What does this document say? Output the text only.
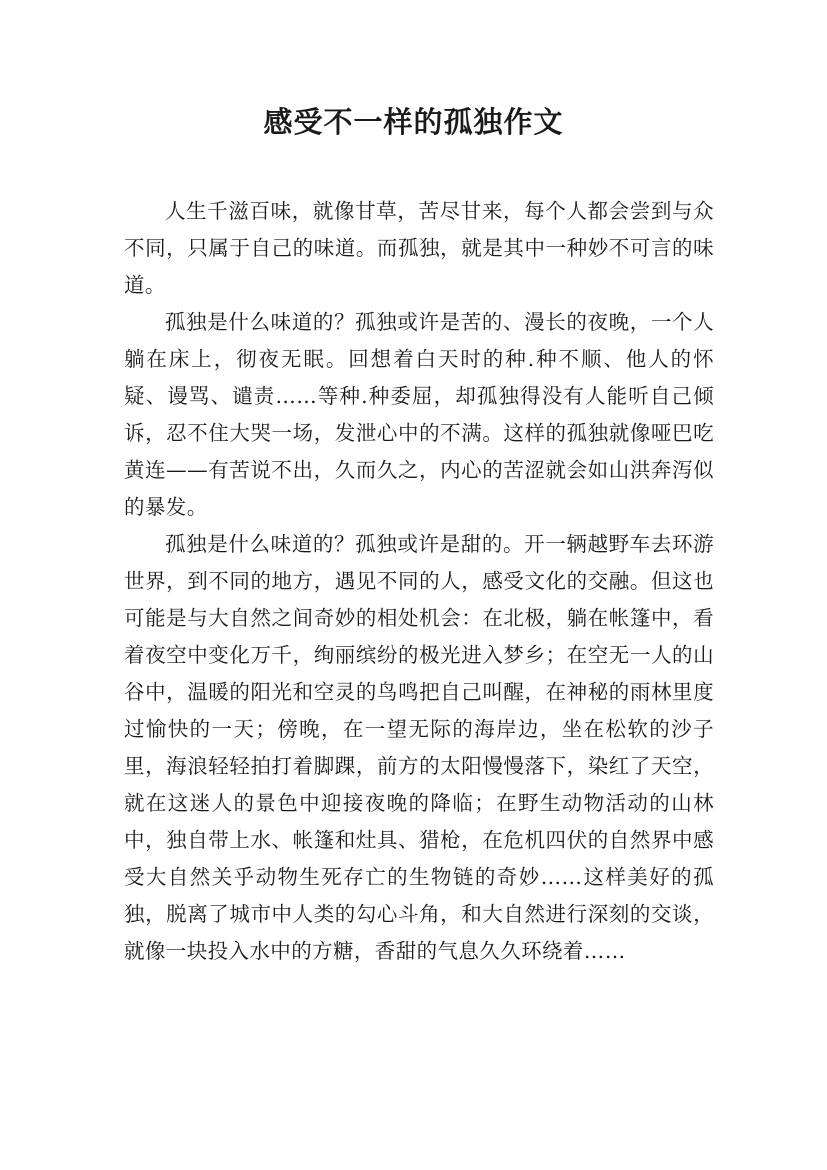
感受不一样的孤独作文

人生千滋百味，就像甘草，苦尽甘来，每个人都会尝到与众不同，只属于自己的味道。而孤独，就是其中一种妙不可言的味道。

孤独是什么味道的？孤独或许是苦的、漫长的夜晚，一个人躺在床上，彻夜无眠。回想着白天时的种.种不顺、他人的怀疑、谩骂、谴责……等种.种委屈，却孤独得没有人能听自己倾诉，忍不住大哭一场，发泄心中的不满。这样的孤独就像哑巴吃黄连——有苦说不出，久而久之，内心的苦涩就会如山洪奔泻似的暴发。

孤独是什么味道的？孤独或许是甜的。开一辆越野车去环游世界，到不同的地方，遇见不同的人，感受文化的交融。但这也可能是与大自然之间奇妙的相处机会：在北极，躺在帐篷中，看着夜空中变化万千，绚丽缤纷的极光进入梦乡；在空无一人的山谷中，温暖的阳光和空灵的鸟鸣把自己叫醒，在神秘的雨林里度过愉快的一天；傍晚，在一望无际的海岸边，坐在松软的沙子里，海浪轻轻拍打着脚踝，前方的太阳慢慢落下，染红了天空，就在这迷人的景色中迎接夜晚的降临；在野生动物活动的山林中，独自带上水、帐篷和灶具、猎枪，在危机四伏的自然界中感受大自然关乎动物生死存亡的生物链的奇妙……这样美好的孤独，脱离了城市中人类的勾心斗角，和大自然进行深刻的交谈，就像一块投入水中的方糖，香甜的气息久久环绕着……
